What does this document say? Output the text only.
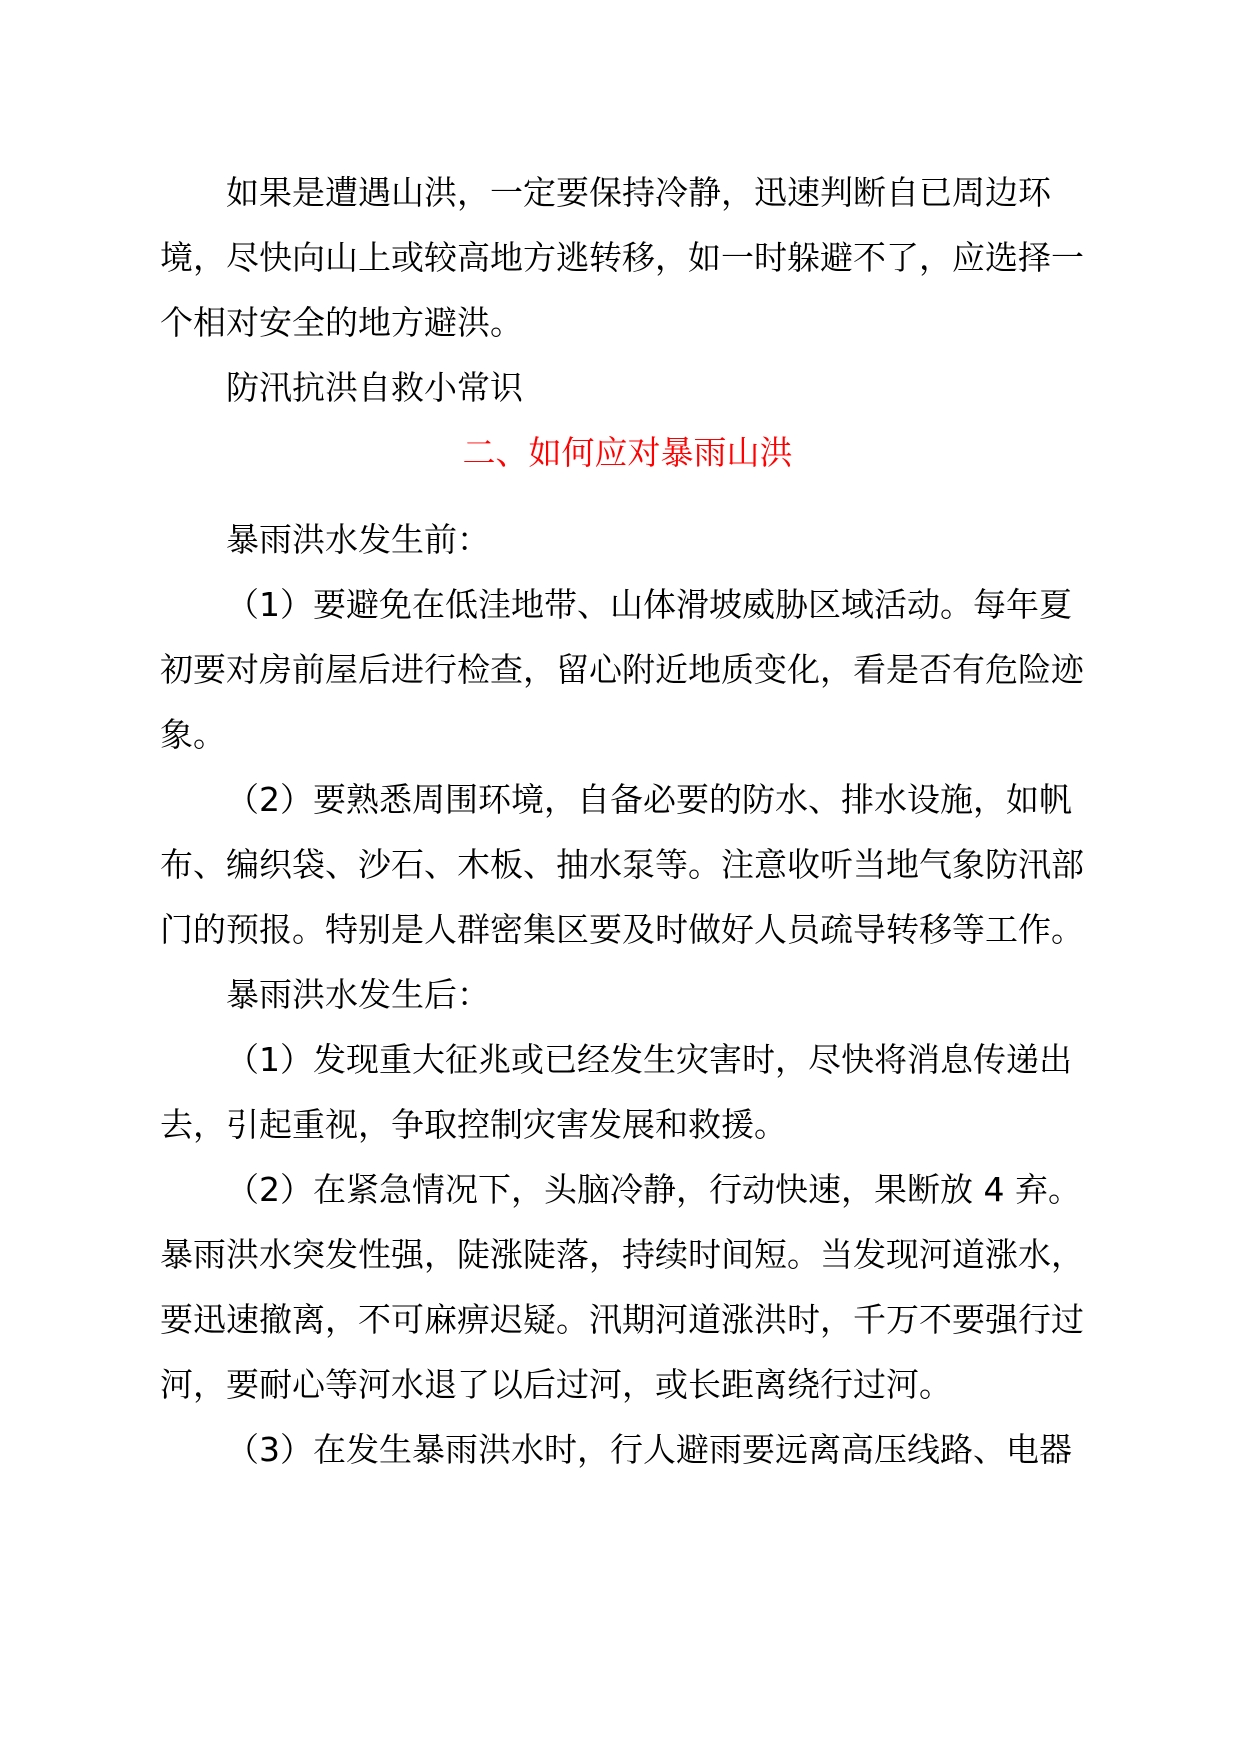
如果是遭遇山洪，一定要保持冷静，迅速判断自已周边环境，尽快向山上或较高地方逃转移，如一时躲避不了，应选择一个相对安全的地方避洪。

防汛抗洪自救小常识

二、如何应对暴雨山洪

暴雨洪水发生前：

（1）要避免在低洼地带、山体滑坡威胁区域活动。每年夏初要对房前屋后进行检查，留心附近地质变化，看是否有危险迹象。

（2）要熟悉周围环境，自备必要的防水、排水设施，如帆布、编织袋、沙石、木板、抽水泵等。注意收听当地气象防汛部门的预报。特别是人群密集区要及时做好人员疏导转移等工作。

暴雨洪水发生后：

（1）发现重大征兆或已经发生灾害时，尽快将消息传递出去，引起重视，争取控制灾害发展和救援。

（2）在紧急情况下，头脑冷静，行动快速，果断放 4 弃。暴雨洪水突发性强，陡涨陡落，持续时间短。当发现河道涨水，要迅速撤离，不可麻痹迟疑。汛期河道涨洪时，千万不要强行过河，要耐心等河水退了以后过河，或长距离绕行过河。

（3）在发生暴雨洪水时，行人避雨要远离高压线路、电器
